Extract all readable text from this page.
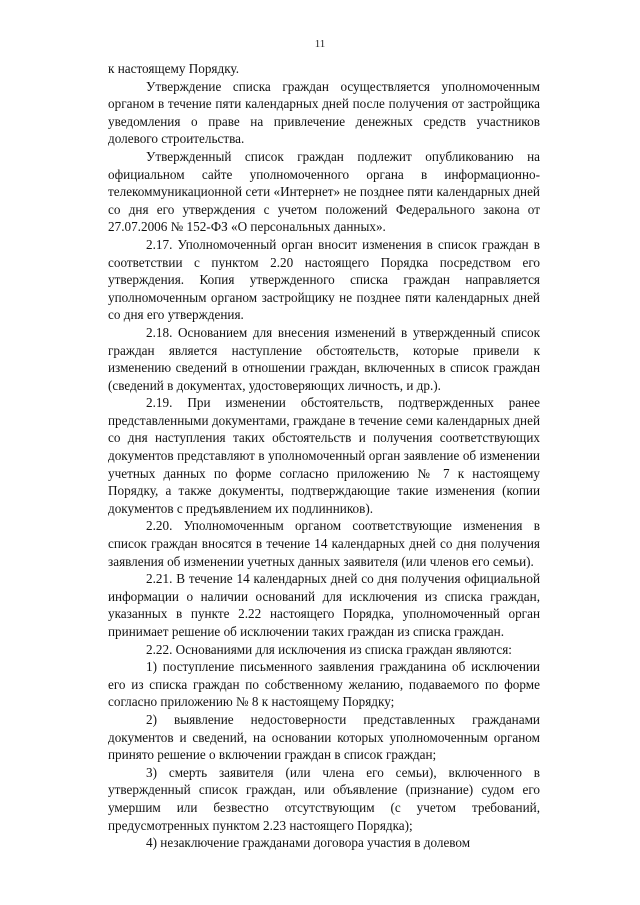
11

к настоящему Порядку.

Утверждение списка граждан осуществляется уполномоченным органом в течение пяти календарных дней после получения от застройщика уведомления о праве на привлечение денежных средств участников долевого строительства.

Утвержденный список граждан подлежит опубликованию на официальном сайте уполномоченного органа в информационно-телекоммуникационной сети «Интернет» не позднее пяти календарных дней со дня его утверждения с учетом положений Федерального закона от 27.07.2006 № 152-ФЗ «О персональных данных».

2.17. Уполномоченный орган вносит изменения в список граждан в соответствии с пунктом 2.20 настоящего Порядка посредством его утверждения. Копия утвержденного списка граждан направляется уполномоченным органом застройщику не позднее пяти календарных дней со дня его утверждения.

2.18. Основанием для внесения изменений в утвержденный список граждан является наступление обстоятельств, которые привели к изменению сведений в отношении граждан, включенных в список граждан (сведений в документах, удостоверяющих личность, и др.).

2.19. При изменении обстоятельств, подтвержденных ранее представленными документами, граждане в течение семи календарных дней со дня наступления таких обстоятельств и получения соответствующих документов представляют в уполномоченный орган заявление об изменении учетных данных по форме согласно приложению № 7 к настоящему Порядку, а также документы, подтверждающие такие изменения (копии документов с предъявлением их подлинников).

2.20. Уполномоченным органом соответствующие изменения в список граждан вносятся в течение 14 календарных дней со дня получения заявления об изменении учетных данных заявителя (или членов его семьи).

2.21. В течение 14 календарных дней со дня получения официальной информации о наличии оснований для исключения из списка граждан, указанных в пункте 2.22 настоящего Порядка, уполномоченный орган принимает решение об исключении таких граждан из списка граждан.

2.22. Основаниями для исключения из списка граждан являются:

1) поступление письменного заявления гражданина об исключении его из списка граждан по собственному желанию, подаваемого по форме согласно приложению № 8 к настоящему Порядку;

2) выявление недостоверности представленных гражданами документов и сведений, на основании которых уполномоченным органом принято решение о включении граждан в список граждан;

3) смерть заявителя (или члена его семьи), включенного в утвержденный список граждан, или объявление (признание) судом его умершим или безвестно отсутствующим (с учетом требований, предусмотренных пунктом 2.23 настоящего Порядка);

4) незаключение гражданами договора участия в долевом
